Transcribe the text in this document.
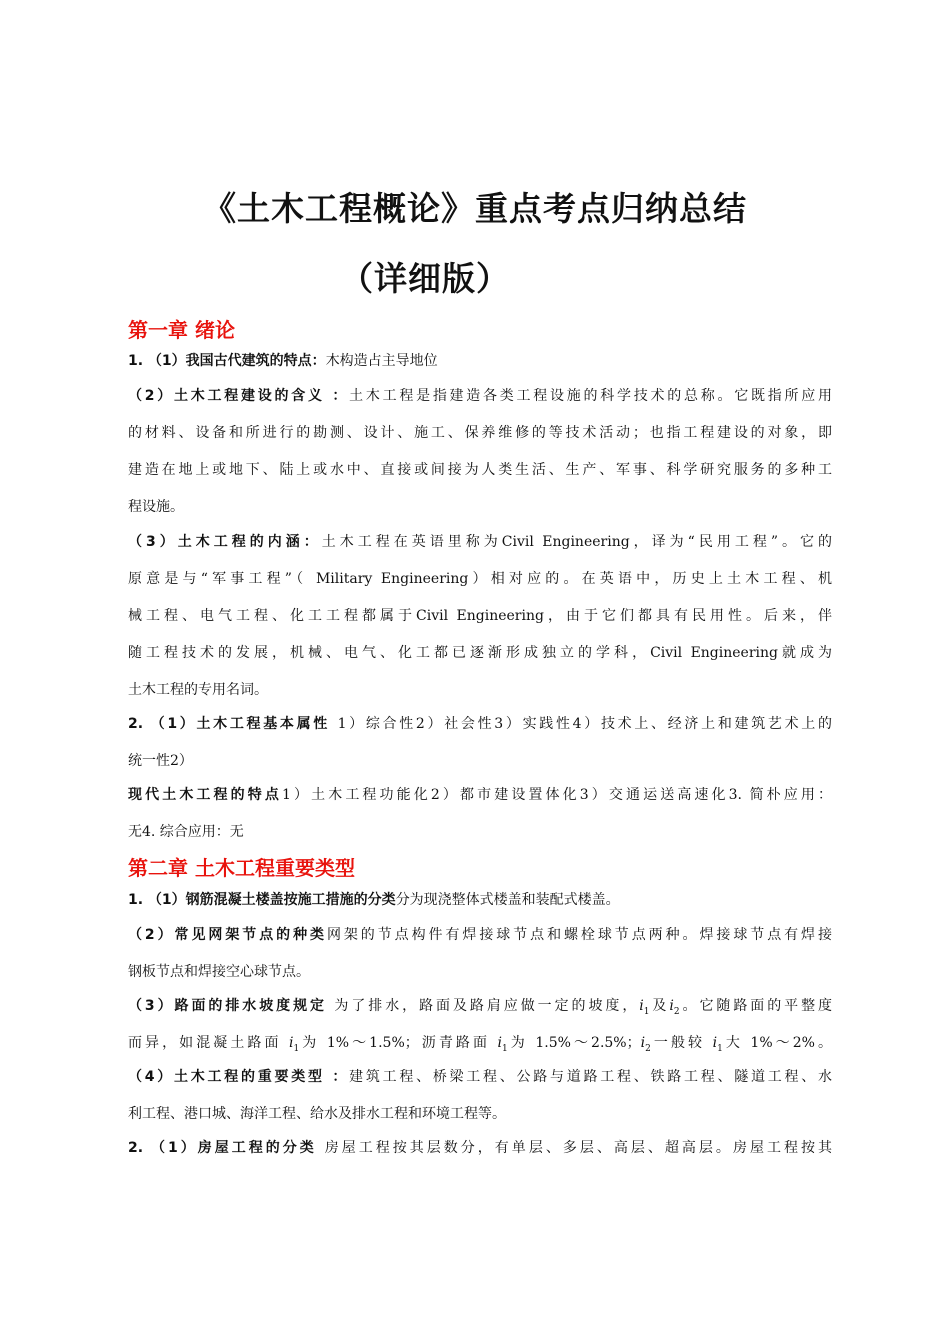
《土木工程概论》重点考点归纳总结
（详细版）
第一章 绪论
1. （1）我国古代建筑的特点：木构造占主导地位
（2）土木工程建设的含义 ：土木工程是指建造各类工程设施的科学技术的总称。它既指所应用
的材料、设备和所进行的勘测、设计、施工、保养维修的等技术活动；也指工程建设的对象，即
建造在地上或地下、陆上或水中、直接或间接为人类生活、生产、军事、科学研究服务的多种工
程设施。
（3）土木工程的内涵：土木工程在英语里称为Civil Engineering，译为“民用工程”。它的
原意是与“军事工程”（ Military Engineering）相对应的。在英语中，历史上土木工程、机
械工程、电气工程、化工工程都属于Civil Engineering，由于它们都具有民用性。后来，伴
随工程技术的发展，机械、电气、化工都已逐渐形成独立的学科，Civil Engineering就成为
土木工程的专用名词。
2. （1）土木工程基本属性 1）综合性2）社会性3）实践性4）技术上、经济上和建筑艺术上的
统一性2）
现代土木工程的特点1）土木工程功能化2）都市建设置体化3）交通运送高速化3. 简朴应用：
无4. 综合应用：无
第二章 土木工程重要类型
1. （1）钢筋混凝土楼盖按施工措施的分类分为现浇整体式楼盖和装配式楼盖。
（2）常见网架节点的种类网架的节点构件有焊接球节点和螺栓球节点两种。焊接球节点有焊接
钢板节点和焊接空心球节点。
（3）路面的排水坡度规定 为了排水，路面及路肩应做一定的坡度，$i_1$及$i_2$。它随路面的平整度
而异，如混凝土路面 $i_1$为 1%～1.5%；沥青路面 $i_1$为 1.5%～2.5%；$i_2$一般较 $i_1$大 1%～2%。
（4）土木工程的重要类型 ：建筑工程、桥梁工程、公路与道路工程、铁路工程、隧道工程、水
利工程、港口城、海洋工程、给水及排水工程和环境工程等。
2. （1）房屋工程的分类 房屋工程按其层数分，有单层、多层、高层、超高层。房屋工程按其
